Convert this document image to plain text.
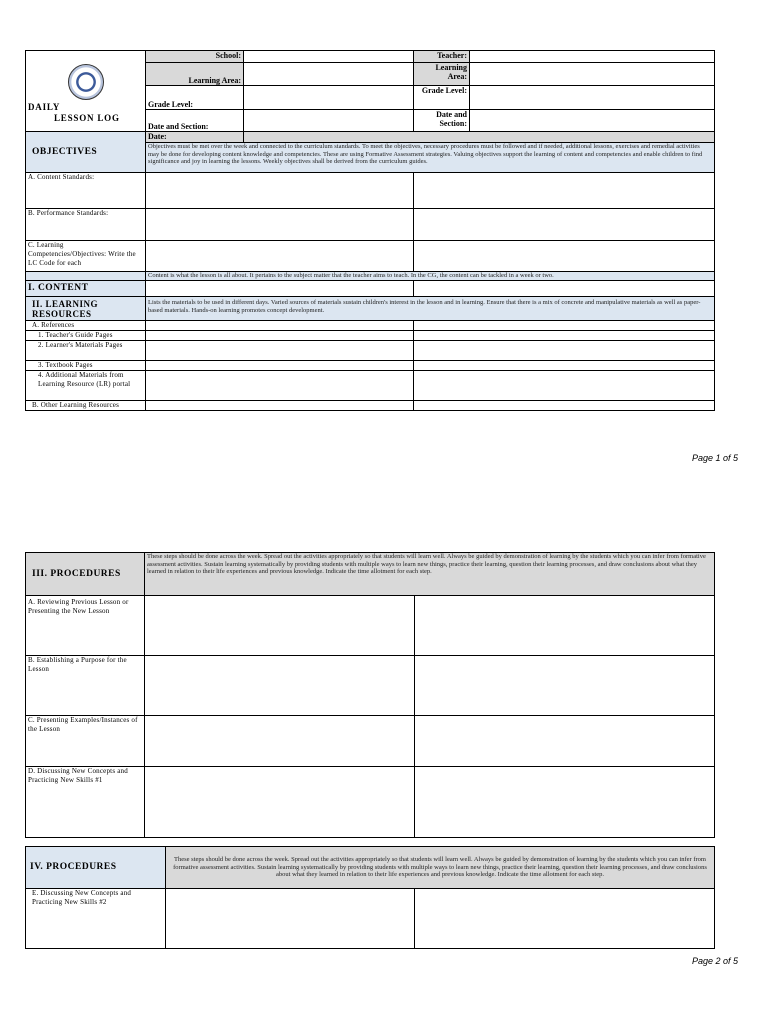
DAILY
LESSON LOG	School:		Teacher:	
	Learning Area:		Learning Area:	
	Grade Level:		Grade Level:	
	Date and Section:		Date and Section:	
OBJECTIVES	Date:			
	Objectives must be met over the week and connected to the curriculum standards. To meet the objectives, necessary procedures must be followed and if needed, additional lessons, exercises and remedial activities may be done for developing content knowledge and competencies. These are using Formative Assessment strategies. Valuing objectives support the learning of content and competencies and enable children to find significance and joy in learning the lessons. Weekly objectives shall be derived from the curriculum guides.			
A. Content Standards:				
B. Performance Standards:				
C. Learning Competencies/Objectives: Write the LC Code for each				
	Content is what the lesson is all about. It pertains to the subject matter that the teacher aims to teach. In the CG, the content can be tackled in a week or two.			
I. CONTENT				
II. LEARNING RESOURCES	Lists the materials to be used in different days. Varied sources of materials sustain children's interest in the lesson and in learning. Ensure that there is a mix of concrete and manipulative materials as well as paper-based materials. Hands-on learning promotes concept development.			
A. References				
1. Teacher's Guide Pages				
2. Learner's Materials Pages				
3. Textbook Pages				
4. Additional Materials from Learning Resource (LR) portal				
B. Other Learning Resources				
Page 1 of 5
III. PROCEDURES	These steps should be done across the week. Spread out the activities appropriately so that students will learn well. Always be guided by demonstration of learning by the students which you can infer from formative assessment activities. Sustain learning systematically by providing students with multiple ways to learn new things, practice their learning, question their learning processes, and draw conclusions about what they learned in relation to their life experiences and previous knowledge. Indicate the time allotment for each step.	
A. Reviewing Previous Lesson or Presenting the New Lesson		
B. Establishing a Purpose for the Lesson		
C. Presenting Examples/Instances of the Lesson		
D. Discussing New Concepts and Practicing New Skills #1		
IV. PROCEDURES	These steps should be done across the week. Spread out the activities appropriately so that students will learn well. Always be guided by demonstration of learning by the students which you can infer from formative assessment activities. Sustain learning systematically by providing students with multiple ways to learn new things, practice their learning, question their learning processes, and draw conclusions about what they learned in relation to their life experiences and previous knowledge. Indicate the time allotment for each step.	
E. Discussing New Concepts and Practicing New Skills #2		
Page 2 of 5
